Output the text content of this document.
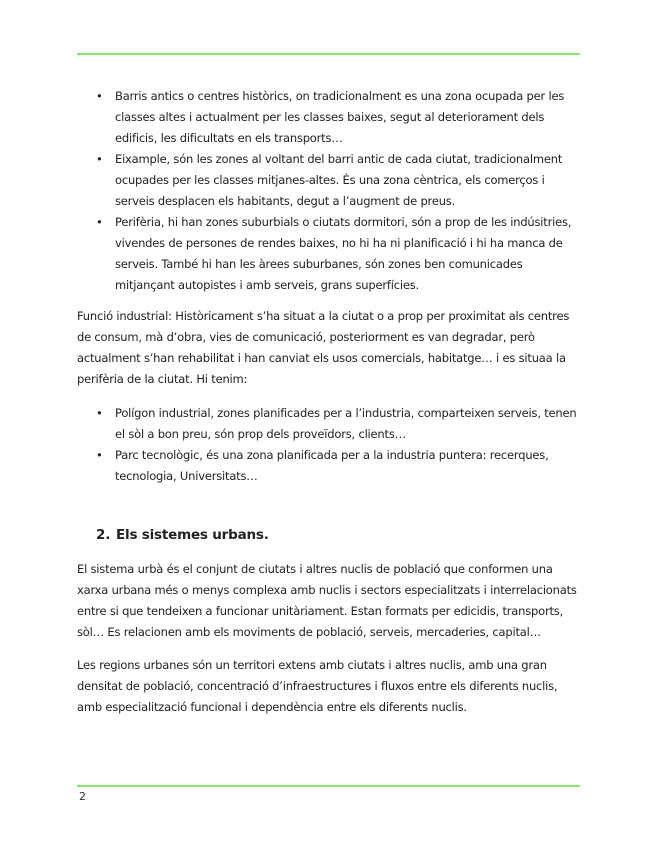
• Barris antics o centres històrics, on tradicionalment es una zona ocupada per les classes altes i actualment per les classes baixes, segut al deteriorament dels edificis, les dificultats en els transports…
• Eixample, són les zones al voltant del barri antic de cada ciutat, tradicionalment ocupades per les classes mitjanes-altes. És una zona cèntrica, els comerços i serveis desplacen els habitants, degut a l’augment de preus.
• Perifèria, hi han zones suburbials o ciutats dormitori, són a prop de les indúsitries, vivendes de persones de rendes baixes, no hi ha ni planificació i hi ha manca de serveis. També hi han les àrees suburbanes, són zones ben comunicades mitjançant autopistes i amb serveis, grans superfícies.

Funció industrial: Històricament s’ha situat a la ciutat o a prop per proximitat als centres de consum, mà d’obra, vies de comunicació, posteriorment es van degradar, però actualment s’han rehabilitat i han canviat els usos comercials, habitatge… i es situaa la perifèria de la ciutat. Hi tenim:

• Polígon industrial, zones planificades per a l’industria, comparteixen serveis, tenen el sòl a bon preu, són prop dels proveïdors, clients…
• Parc tecnològic, és una zona planificada per a la industria puntera: recerques, tecnologia, Universitats…
2. Els sistemes urbans.

El sistema urbà és el conjunt de ciutats i altres nuclis de població que conformen una xarxa urbana més o menys complexa amb nuclis i sectors especialitzats i interrelacionats entre si que tendeixen a funcionar unitàriament. Estan formats per edicidis, transports, sòl… Es relacionen amb els moviments de població, serveis, mercaderies, capital…

Les regions urbanes són un territori extens amb ciutats i altres nuclis, amb una gran densitat de població, concentració d’infraestructures i fluxos entre els diferents nuclis, amb especialització funcional i dependència entre els diferents nuclis.

2
